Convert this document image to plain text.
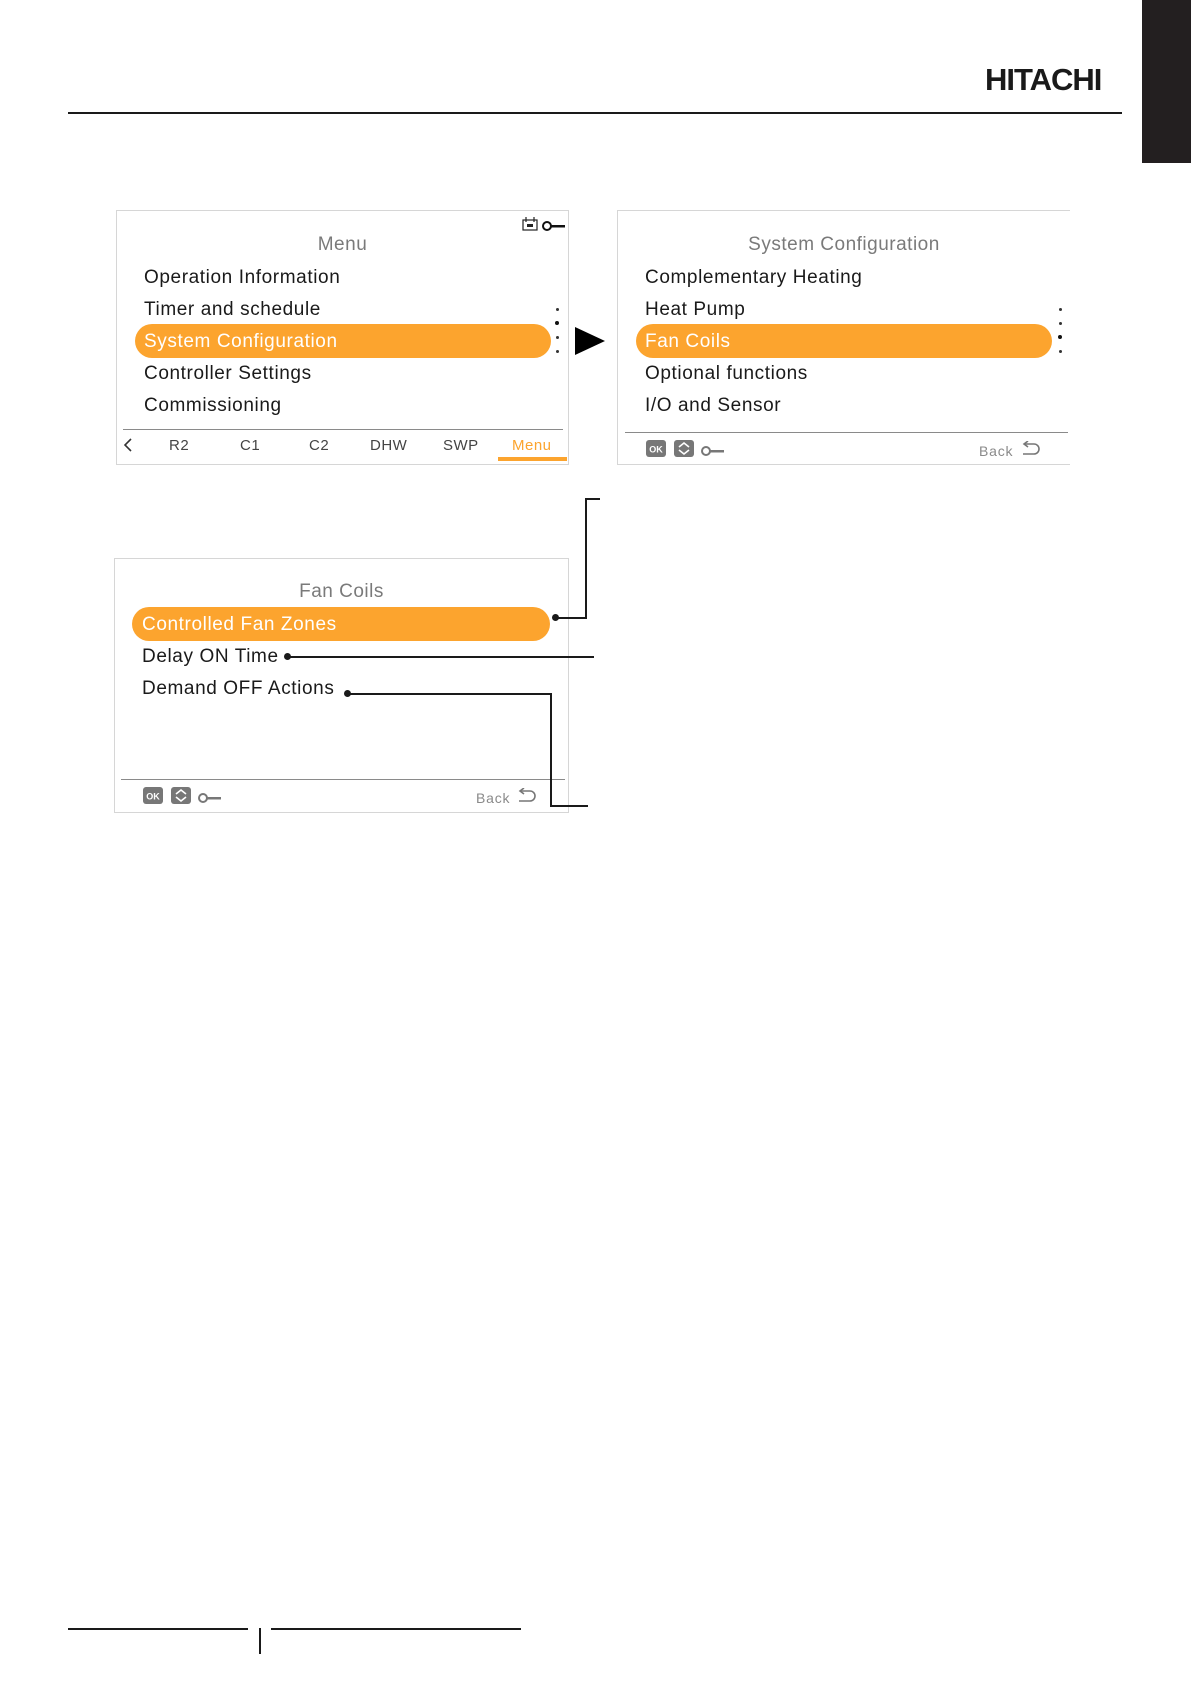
HITACHI
Menu
Operation Information
Timer and schedule
System Configuration
Controller Settings
Commissioning
R2	C1	C2	DHW SWP Menu
System Configuration
Complementary Heating
Heat Pump
Fan Coils
Optional functions
I/O and Sensor
OK	Back
Fan Coils
Controlled Fan Zones
Delay ON Time
Demand OFF Actions
OK	Back
